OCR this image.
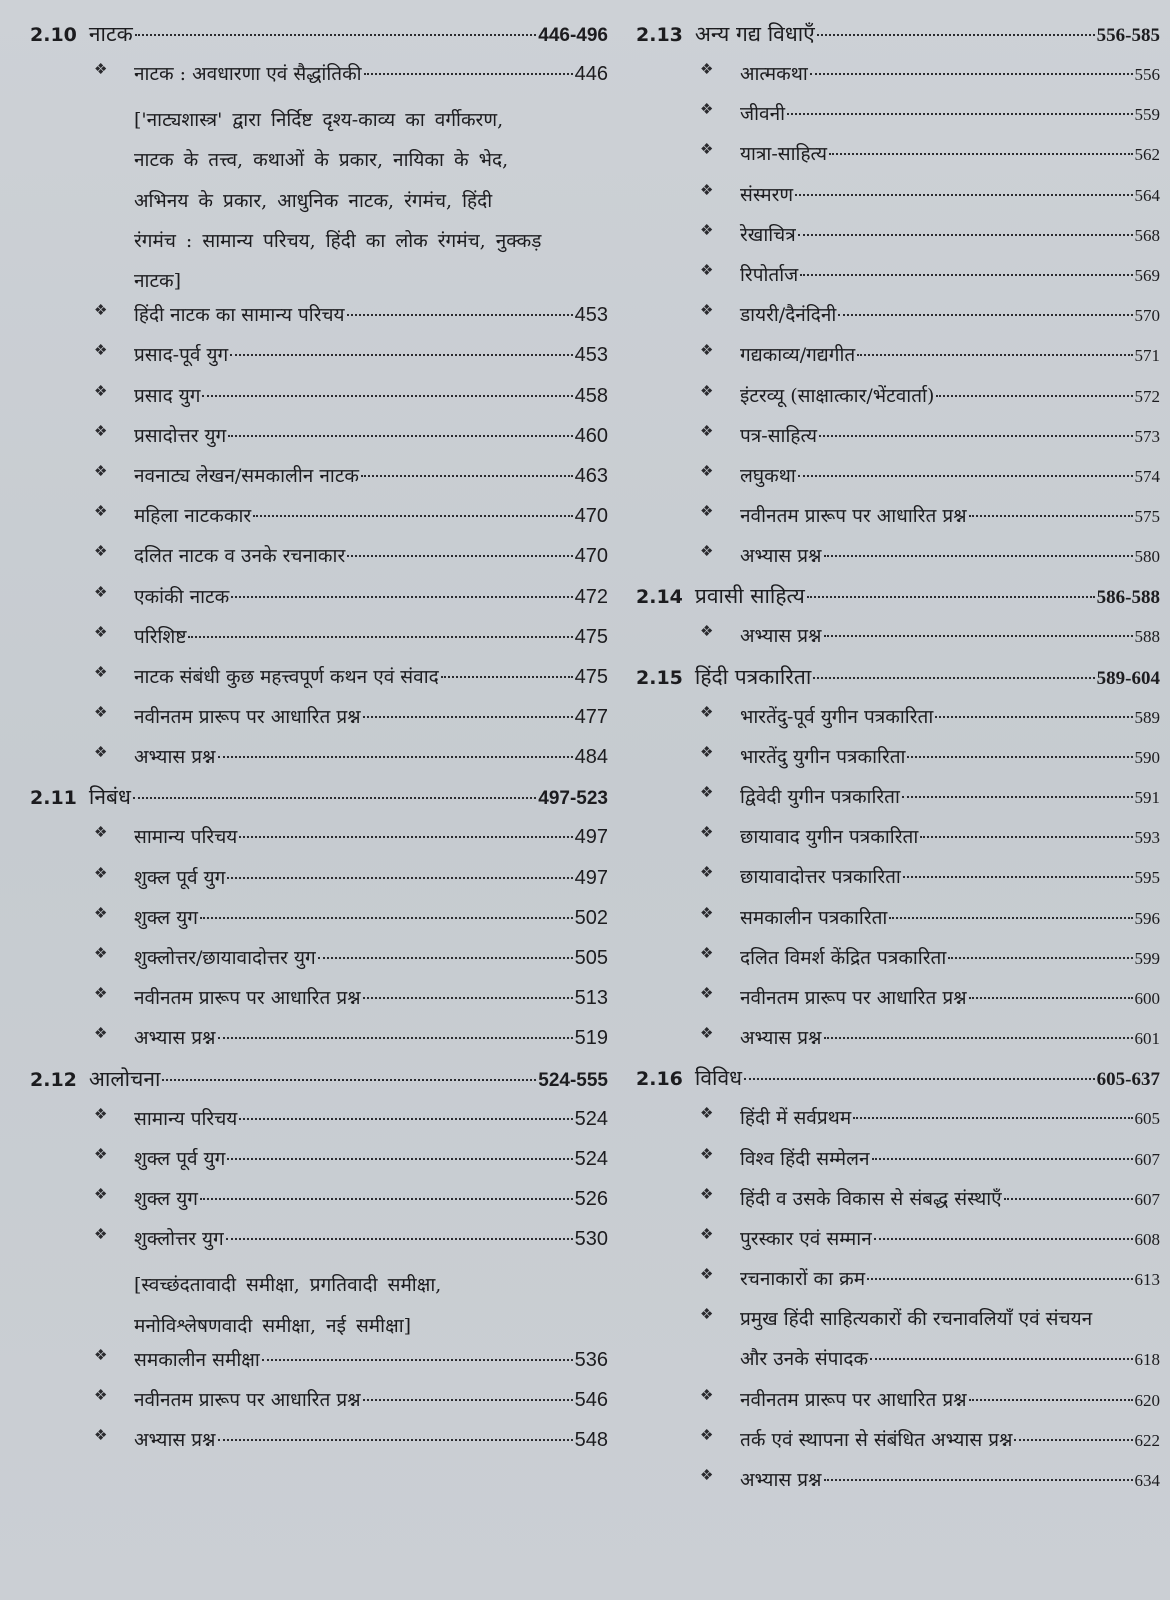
2.10 नाटक	446-496
❖ नाटक : अवधारणा एवं सैद्धांतिकी	446
['नाट्यशास्त्र' द्वारा निर्दिष्ट दृश्य-काव्य का वर्गीकरण,
नाटक के तत्त्व, कथाओं के प्रकार, नायिका के भेद,
अभिनय के प्रकार, आधुनिक नाटक, रंगमंच, हिंदी
रंगमंच : सामान्य परिचय, हिंदी का लोक रंगमंच, नुक्कड़
नाटक]
❖ हिंदी नाटक का सामान्य परिचय	453
❖ प्रसाद-पूर्व युग	453
❖ प्रसाद युग	458
❖ प्रसादोत्तर युग	460
❖ नवनाट्य लेखन/समकालीन नाटक	463
❖ महिला नाटककार	470
❖ दलित नाटक व उनके रचनाकार	470
❖ एकांकी नाटक	472
❖ परिशिष्ट	475
❖ नाटक संबंधी कुछ महत्त्वपूर्ण कथन एवं संवाद	475
❖ नवीनतम प्रारूप पर आधारित प्रश्न	477
❖ अभ्यास प्रश्न	484
2.11 निबंध	497-523
❖ सामान्य परिचय	497
❖ शुक्ल पूर्व युग	497
❖ शुक्ल युग	502
❖ शुक्लोत्तर/छायावादोत्तर युग	505
❖ नवीनतम प्रारूप पर आधारित प्रश्न	513
❖ अभ्यास प्रश्न	519
2.12 आलोचना	524-555
❖ सामान्य परिचय	524
❖ शुक्ल पूर्व युग	524
❖ शुक्ल युग	526
❖ शुक्लोत्तर युग	530
[स्वच्छंदतावादी समीक्षा, प्रगतिवादी समीक्षा,
मनोविश्लेषणवादी समीक्षा, नई समीक्षा]
❖ समकालीन समीक्षा	536
❖ नवीनतम प्रारूप पर आधारित प्रश्न	546
❖ अभ्यास प्रश्न	548
2.13 अन्य गद्य विधाएँ	556-585
❖ आत्मकथा	556
❖ जीवनी	559
❖ यात्रा-साहित्य	562
❖ संस्मरण	564
❖ रेखाचित्र	568
❖ रिपोर्ताज	569
❖ डायरी/दैनंदिनी	570
❖ गद्यकाव्य/गद्यगीत	571
❖ इंटरव्यू (साक्षात्कार/भेंटवार्ता)	572
❖ पत्र-साहित्य	573
❖ लघुकथा	574
❖ नवीनतम प्रारूप पर आधारित प्रश्न	575
❖ अभ्यास प्रश्न	580
2.14 प्रवासी साहित्य	586-588
❖ अभ्यास प्रश्न	588
2.15 हिंदी पत्रकारिता	589-604
❖ भारतेंदु-पूर्व युगीन पत्रकारिता	589
❖ भारतेंदु युगीन पत्रकारिता	590
❖ द्विवेदी युगीन पत्रकारिता	591
❖ छायावाद युगीन पत्रकारिता	593
❖ छायावादोत्तर पत्रकारिता	595
❖ समकालीन पत्रकारिता	596
❖ दलित विमर्श केंद्रित पत्रकारिता	599
❖ नवीनतम प्रारूप पर आधारित प्रश्न	600
❖ अभ्यास प्रश्न	601
2.16 विविध	605-637
❖ हिंदी में सर्वप्रथम	605
❖ विश्व हिंदी सम्मेलन	607
❖ हिंदी व उसके विकास से संबद्ध संस्थाएँ	607
❖ पुरस्कार एवं सम्मान	608
❖ रचनाकारों का क्रम	613
❖ प्रमुख हिंदी साहित्यकारों की रचनावलियाँ एवं संचयन
और उनके संपादक	618
❖ नवीनतम प्रारूप पर आधारित प्रश्न	620
❖ तर्क एवं स्थापना से संबंधित अभ्यास प्रश्न	622
❖ अभ्यास प्रश्न	634
